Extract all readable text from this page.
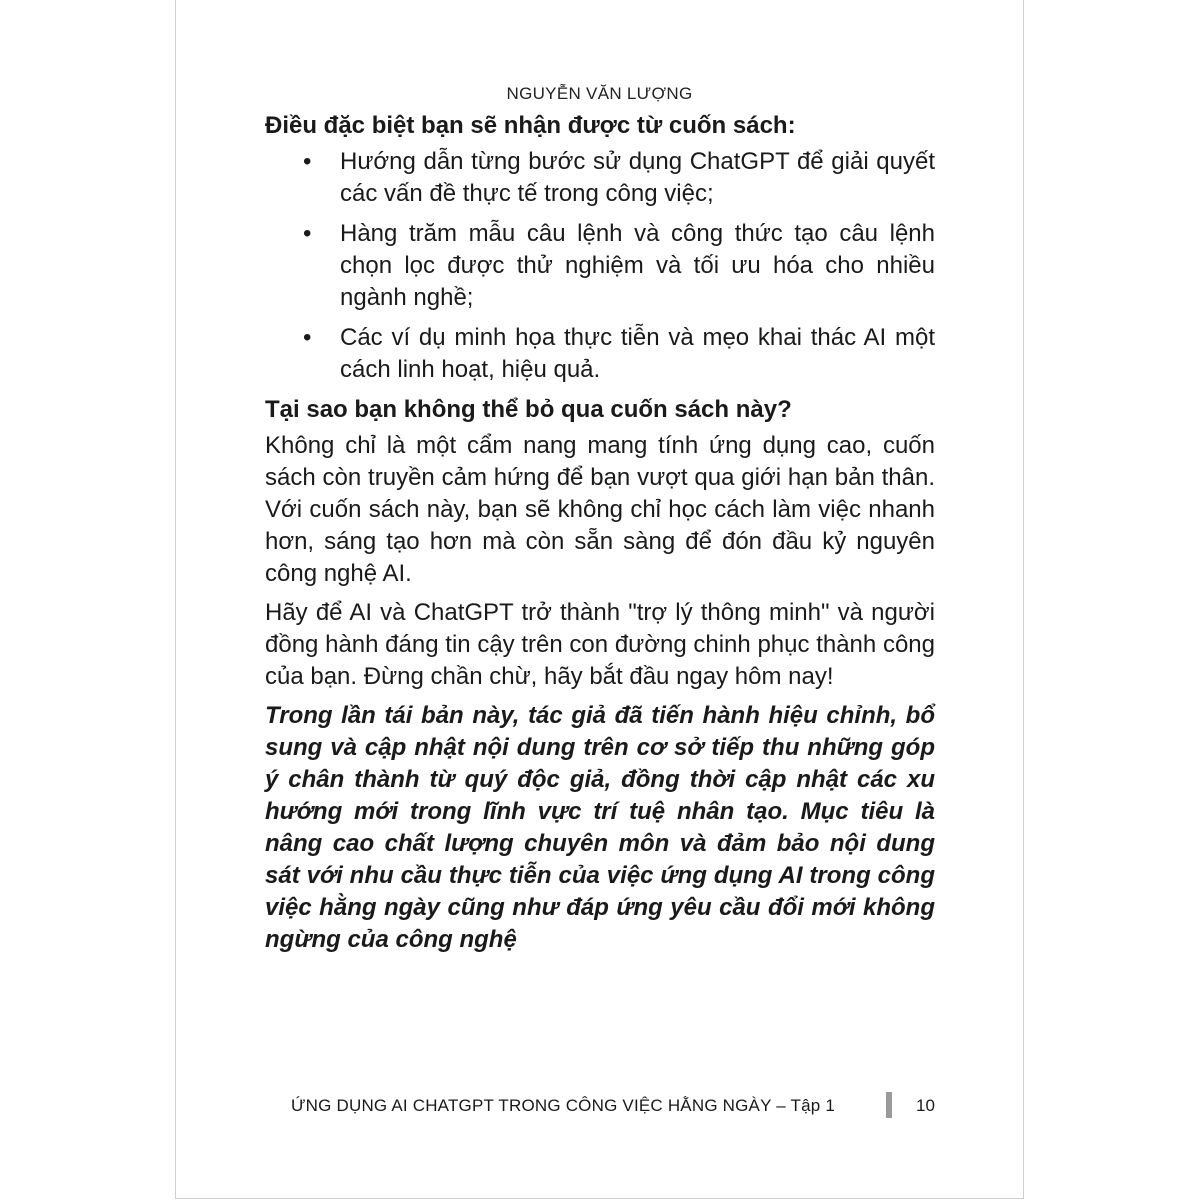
NGUYỄN VĂN LƯỢNG
Điều đặc biệt bạn sẽ nhận được từ cuốn sách:
• Hướng dẫn từng bước sử dụng ChatGPT để giải quyết các vấn đề thực tế trong công việc;
• Hàng trăm mẫu câu lệnh và công thức tạo câu lệnh chọn lọc được thử nghiệm và tối ưu hóa cho nhiều ngành nghề;
• Các ví dụ minh họa thực tiễn và mẹo khai thác AI một cách linh hoạt, hiệu quả.
Tại sao bạn không thể bỏ qua cuốn sách này?

Không chỉ là một cẩm nang mang tính ứng dụng cao, cuốn sách còn truyền cảm hứng để bạn vượt qua giới hạn bản thân. Với cuốn sách này, bạn sẽ không chỉ học cách làm việc nhanh hơn, sáng tạo hơn mà còn sẵn sàng để đón đầu kỷ nguyên công nghệ AI.

Hãy để AI và ChatGPT trở thành "trợ lý thông minh" và người đồng hành đáng tin cậy trên con đường chinh phục thành công của bạn. Đừng chần chừ, hãy bắt đầu ngay hôm nay!

Trong lần tái bản này, tác giả đã tiến hành hiệu chỉnh, bổ sung và cập nhật nội dung trên cơ sở tiếp thu những góp ý chân thành từ quý độc giả, đồng thời cập nhật các xu hướng mới trong lĩnh vực trí tuệ nhân tạo. Mục tiêu là nâng cao chất lượng chuyên môn và đảm bảo nội dung sát với nhu cầu thực tiễn của việc ứng dụng AI trong công việc hằng ngày cũng như đáp ứng yêu cầu đổi mới không ngừng của công nghệ

ỨNG DỤNG AI CHATGPT TRONG CÔNG VIỆC HẰNG NGÀY – Tập 1	10
